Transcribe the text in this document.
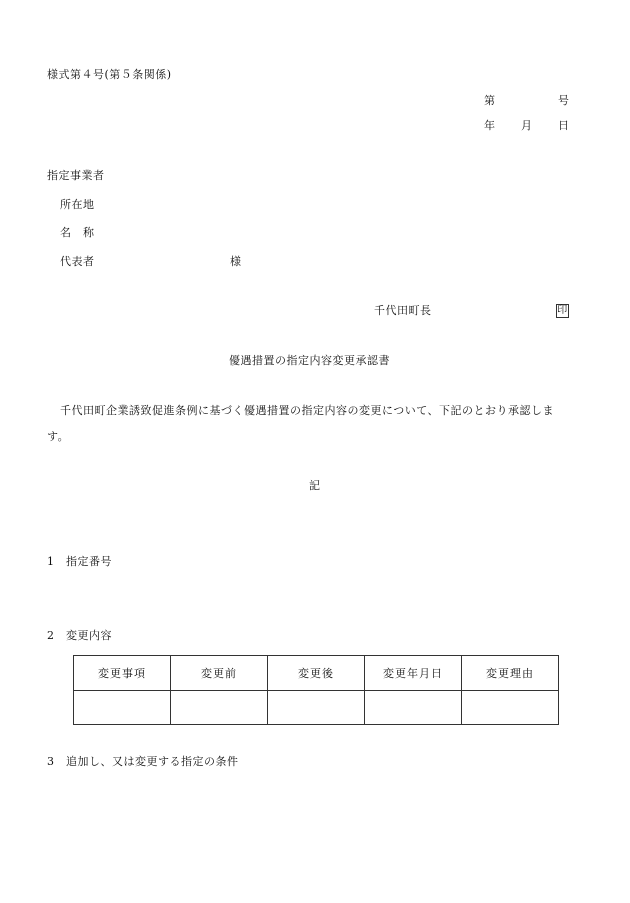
様式第４号(第５条関係)
第	号
年 月 日
指定事業者
所在地
名　称
代表者	様
千代田町長	印
優遇措置の指定内容変更承認書
千代田町企業誘致促進条例に基づく優遇措置の指定内容の変更について、下記のとおり承認しま
す。
記
1　指定番号
2　変更内容
変更事項	変更前	変更後	変更年月日	変更理由

3　追加し、又は変更する指定の条件
